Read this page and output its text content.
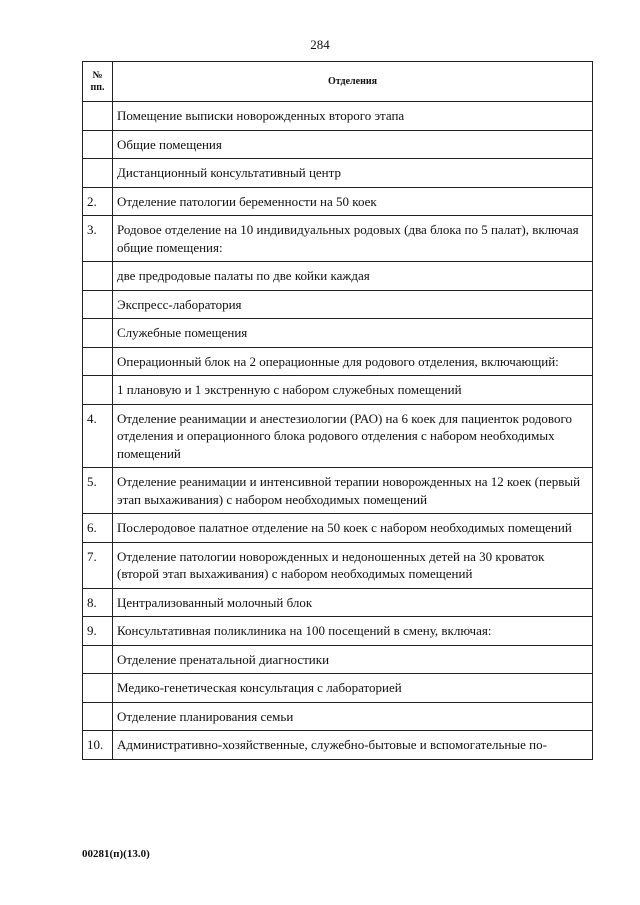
284
№ пп.	Отделения
	Помещение выписки новорожденных второго этапа
	Общие помещения
	Дистанционный консультативный центр
2.	Отделение патологии беременности на 50 коек
3.	Родовое отделение на 10 индивидуальных родовых (два блока по 5 палат), включая общие помещения:
	две предродовые палаты по две койки каждая
	Экспресс-лаборатория
	Служебные помещения
	Операционный блок на 2 операционные для родового отделения, включающий:
	1 плановую и 1 экстренную с набором служебных помещений
4.	Отделение реанимации и анестезиологии (РАО) на 6 коек для пациенток родового отделения и операционного блока родового отделения с набором необходимых помещений
5.	Отделение реанимации и интенсивной терапии новорожденных на 12 коек (первый этап выхаживания) с набором необходимых помещений
6.	Послеродовое палатное отделение на 50 коек с набором необходимых помещений
7.	Отделение патологии новорожденных и недоношенных детей на 30 кроваток (второй этап выхаживания) с набором необходимых помещений
8.	Централизованный молочный блок
9.	Консультативная поликлиника на 100 посещений в смену, включая:
	Отделение пренатальной диагностики
	Медико-генетическая консультация с лабораторией
	Отделение планирования семьи
10.	Административно-хозяйственные, служебно-бытовые и вспомогательные по-
00281(п)(13.0)
